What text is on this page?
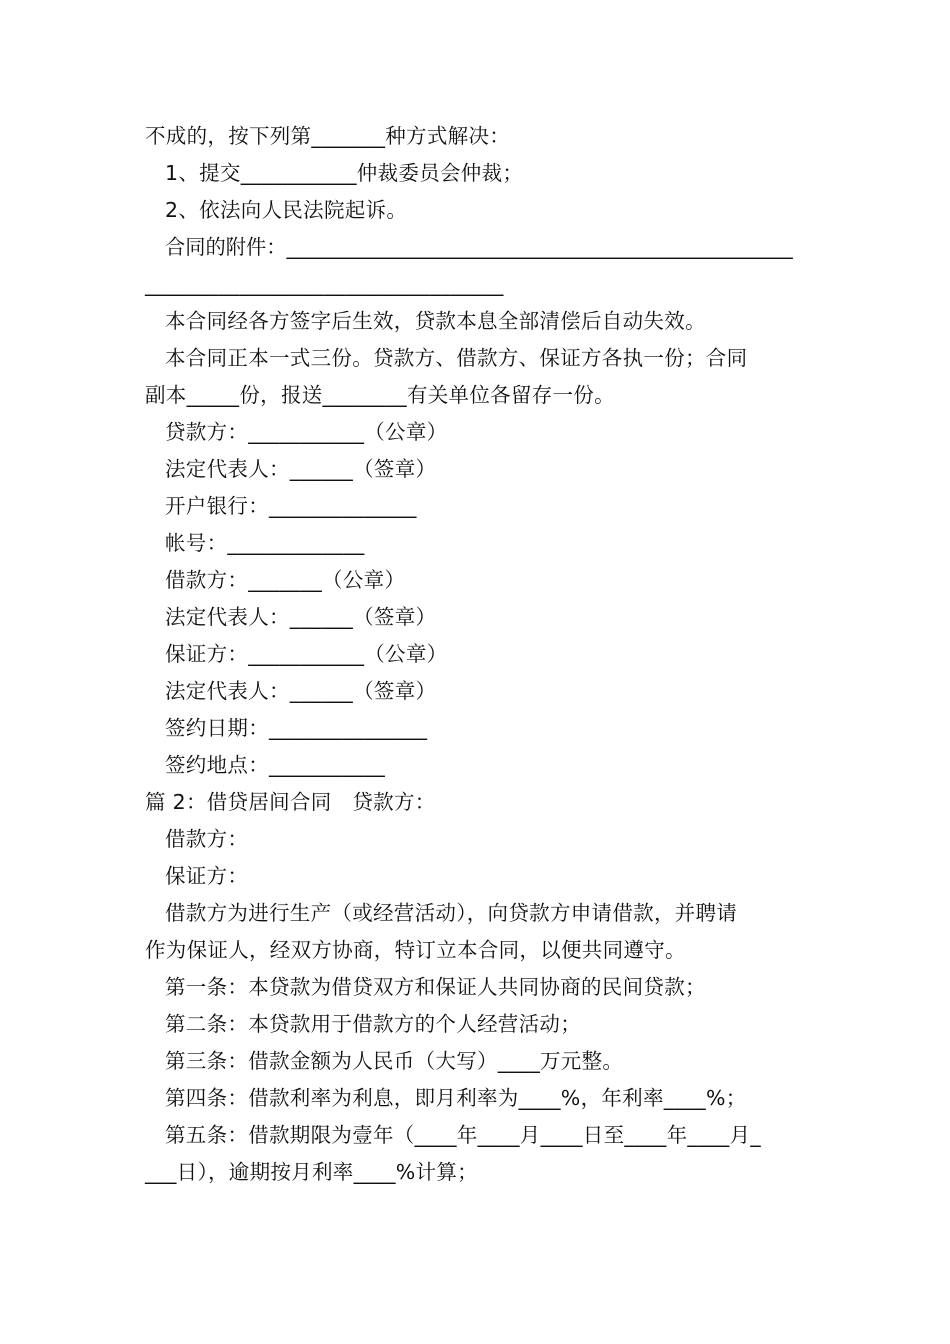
不成的，按下列第_______种方式解决：
1、提交___________仲裁委员会仲裁；
2、依法向人民法院起诉。
合同的附件：__________________________________________________
__________________________________
本合同经各方签字后生效，贷款本息全部清偿后自动失效。
本合同正本一式三份。贷款方、借款方、保证方各执一份；合同
副本_____份，报送________有关单位各留存一份。
贷款方：___________（公章）
法定代表人：______（签章）
开户银行：______________
帐号：_____________
借款方：_______（公章）
法定代表人：______（签章）
保证方：___________（公章）
法定代表人：______（签章）
签约日期：_______________
签约地点：___________
篇 2：借贷居间合同　贷款方：
借款方：
保证方：
借款方为进行生产（或经营活动），向贷款方申请借款，并聘请
作为保证人，经双方协商，特订立本合同，以便共同遵守。
第一条：本贷款为借贷双方和保证人共同协商的民间贷款；
第二条：本贷款用于借款方的个人经营活动；
第三条：借款金额为人民币（大写）____万元整。
第四条：借款利率为利息，即月利率为____%，年利率____%；
第五条：借款期限为壹年（____年____月____日至____年____月_
___日），逾期按月利率____%计算；
